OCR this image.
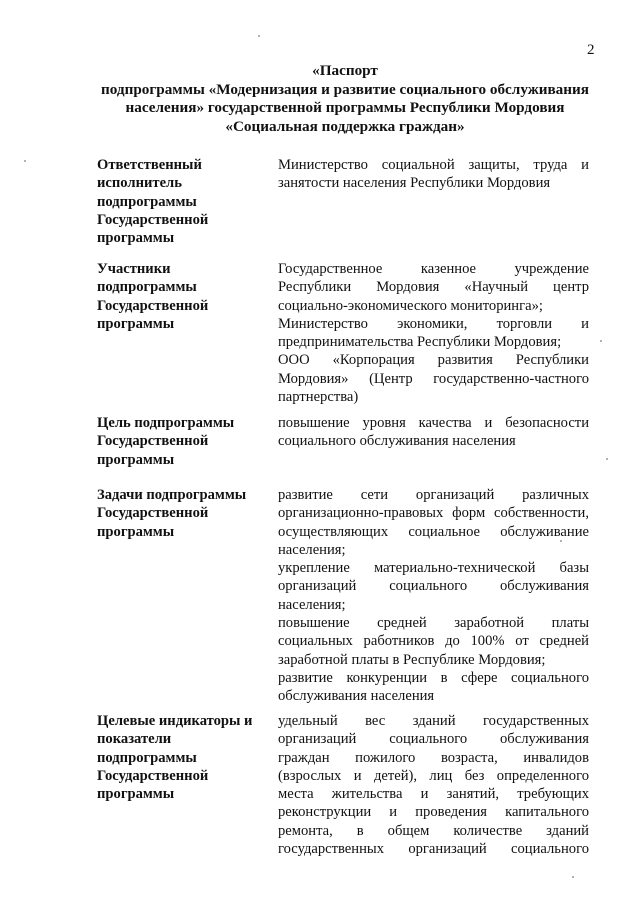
2
«Паспорт
подпрограммы «Модернизация и развитие социального обслуживания
населения» государственной программы Республики Мордовия
«Социальная поддержка граждан»
Ответственный
исполнитель
подпрограммы
Государственной
программы
Министерство социальной защиты, труда и
занятости населения Республики Мордовия
Участники
подпрограммы
Государственной
программы
Государственное казенное учреждение
Республики Мордовия «Научный центр
социально-экономического мониторинга»;
Министерство экономики, торговли и
предпринимательства Республики Мордовия;
ООО «Корпорация развития Республики
Мордовия» (Центр государственно-частного
партнерства)
Цель подпрограммы
Государственной
программы
повышение уровня качества и безопасности
социального обслуживания населения
Задачи подпрограммы
Государственной
программы
развитие сети организаций различных
организационно-правовых форм собственности,
осуществляющих социальное обслуживание
населения;
укрепление материально-технической базы
организаций социального обслуживания
населения;
повышение средней заработной платы
социальных работников до 100% от средней
заработной платы в Республике Мордовия;
развитие конкуренции в сфере социального
обслуживания населения
Целевые индикаторы и
показатели
подпрограммы
Государственной
программы
удельный вес зданий государственных
организаций социального обслуживания
граждан пожилого возраста, инвалидов
(взрослых и детей), лиц без определенного
места жительства и занятий, требующих
реконструкции и проведения капитального
ремонта, в общем количестве зданий
государственных организаций социального
